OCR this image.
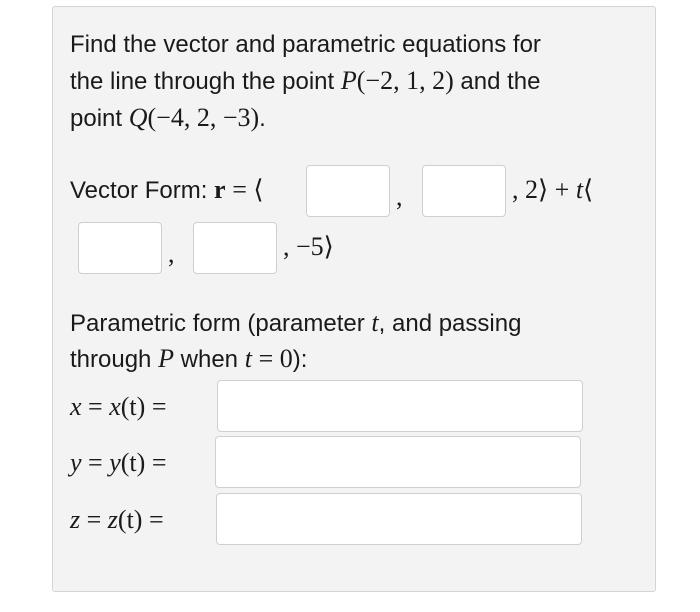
Find the vector and parametric equations for
the line through the point P(−2, 1, 2) and the
point Q(−4, 2, −3).
Vector Form: r = ⟨	,	, 2⟩ + t⟨
,	, −5⟩
Parametric form (parameter t, and passing
through P when t = 0):
x = x(t) =
y = y(t) =
z = z(t) =
